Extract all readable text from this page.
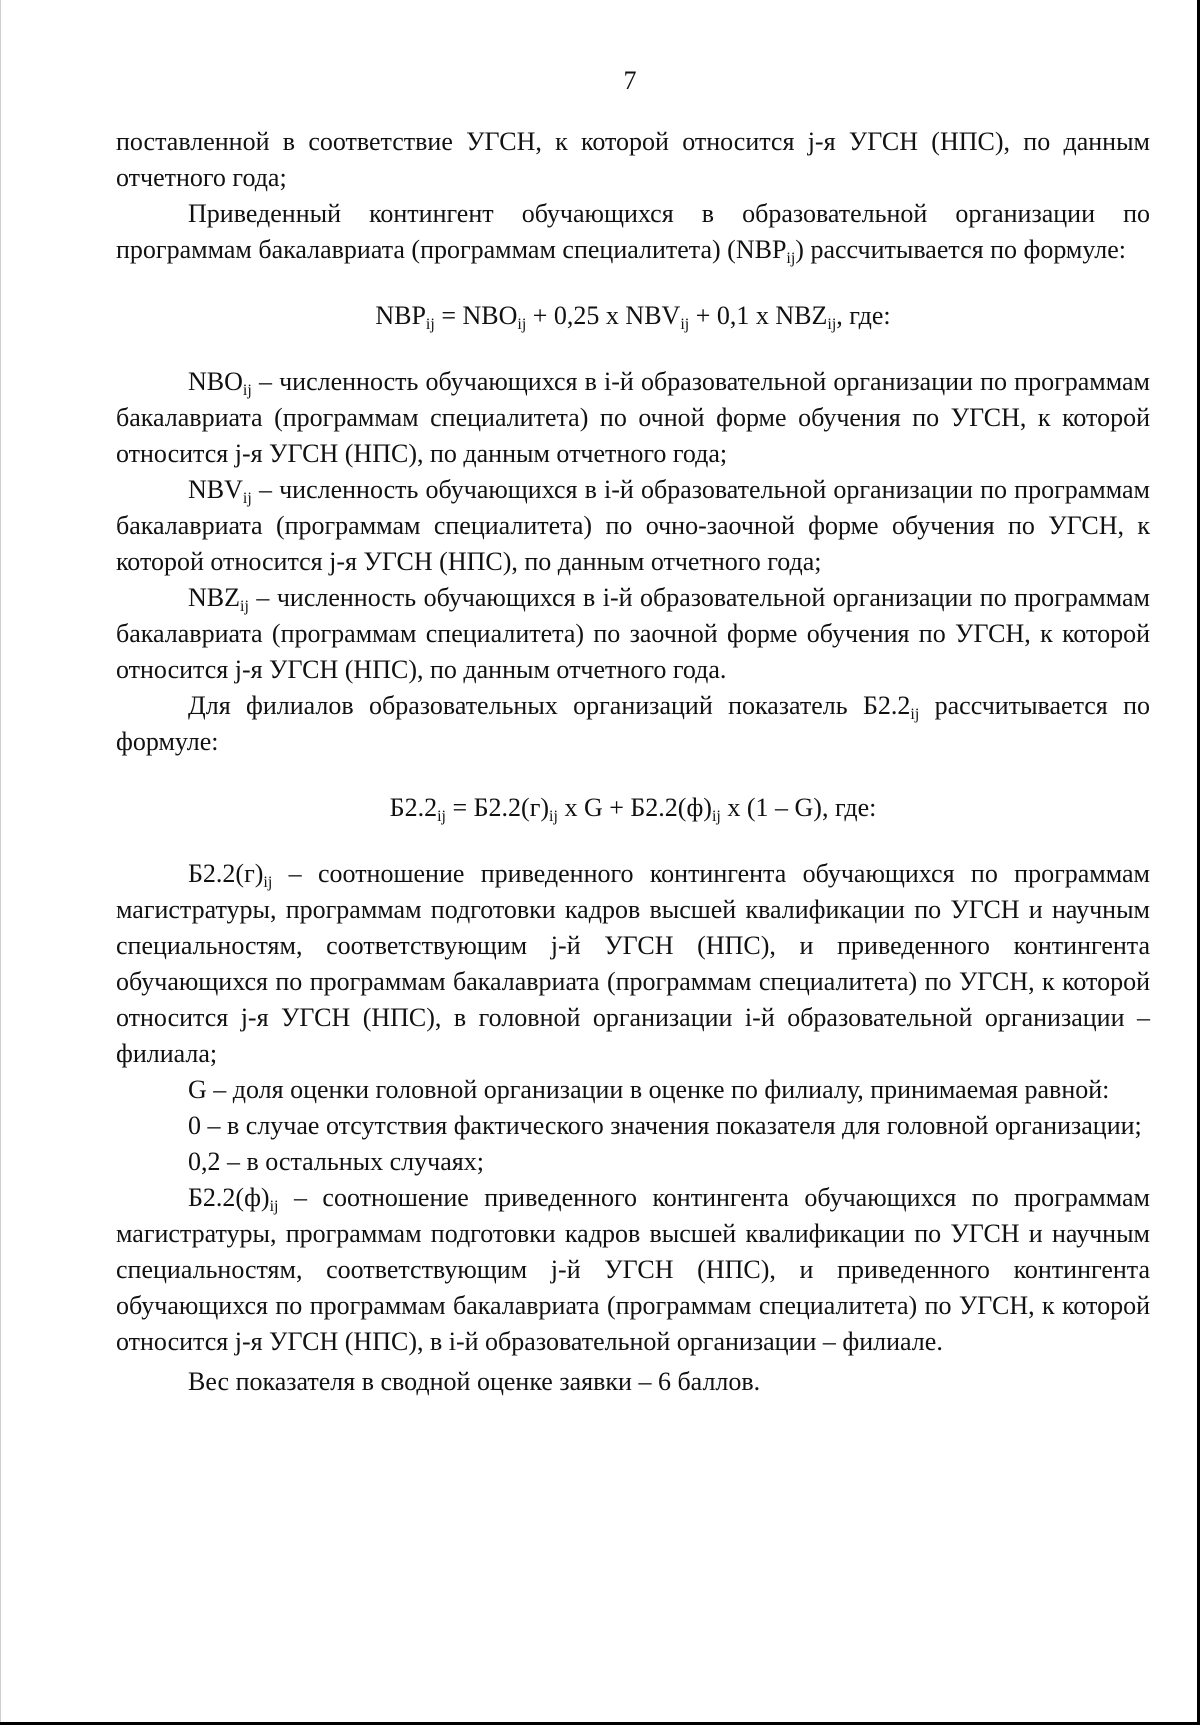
7

поставленной в соответствие УГСН, к которой относится j-я УГСН (НПС), по данным отчетного года;

Приведенный контингент обучающихся в образовательной организации по программам бакалавриата (программам специалитета) $(NBP_{ij})$ рассчитывается по формуле:

$NBP_{ij} = NBO_{ij} + 0,25$ х $NBV_{ij} + 0,1$ х $NBZ_{ij}$, где:

$NBO_{ij}$ – численность обучающихся в i-й образовательной организации по программам бакалавриата (программам специалитета) по очной форме обучения по УГСН, к которой относится j-я УГСН (НПС), по данным отчетного года;

$NBV_{ij}$ – численность обучающихся в i-й образовательной организации по программам бакалавриата (программам специалитета) по очно-заочной форме обучения по УГСН, к которой относится j-я УГСН (НПС), по данным отчетного года;

$NBZ_{ij}$ – численность обучающихся в i-й образовательной организации по программам бакалавриата (программам специалитета) по заочной форме обучения по УГСН, к которой относится j-я УГСН (НПС), по данным отчетного года.

Для филиалов образовательных организаций показатель $Б2.2_{ij}$ рассчитывается по формуле:

$Б2.2_{ij} = Б2.2(г)_{ij}$ х $G + Б2.2(ф)_{ij}$ х (1 – G), где:

$Б2.2(г)_{ij}$ – соотношение приведенного контингента обучающихся по программам магистратуры, программам подготовки кадров высшей квалификации по УГСН и научным специальностям, соответствующим j-й УГСН (НПС), и приведенного контингента обучающихся по программам бакалавриата (программам специалитета) по УГСН, к которой относится j-я УГСН (НПС), в головной организации i-й образовательной организации – филиала;

G – доля оценки головной организации в оценке по филиалу, принимаемая равной:

0 – в случае отсутствия фактического значения показателя для головной организации;

0,2 – в остальных случаях;

$Б2.2(ф)_{ij}$ – соотношение приведенного контингента обучающихся по программам магистратуры, программам подготовки кадров высшей квалификации по УГСН и научным специальностям, соответствующим j-й УГСН (НПС), и приведенного контингента обучающихся по программам бакалавриата (программам специалитета) по УГСН, к которой относится j-я УГСН (НПС), в i-й образовательной организации – филиале.

Вес показателя в сводной оценке заявки – 6 баллов.
